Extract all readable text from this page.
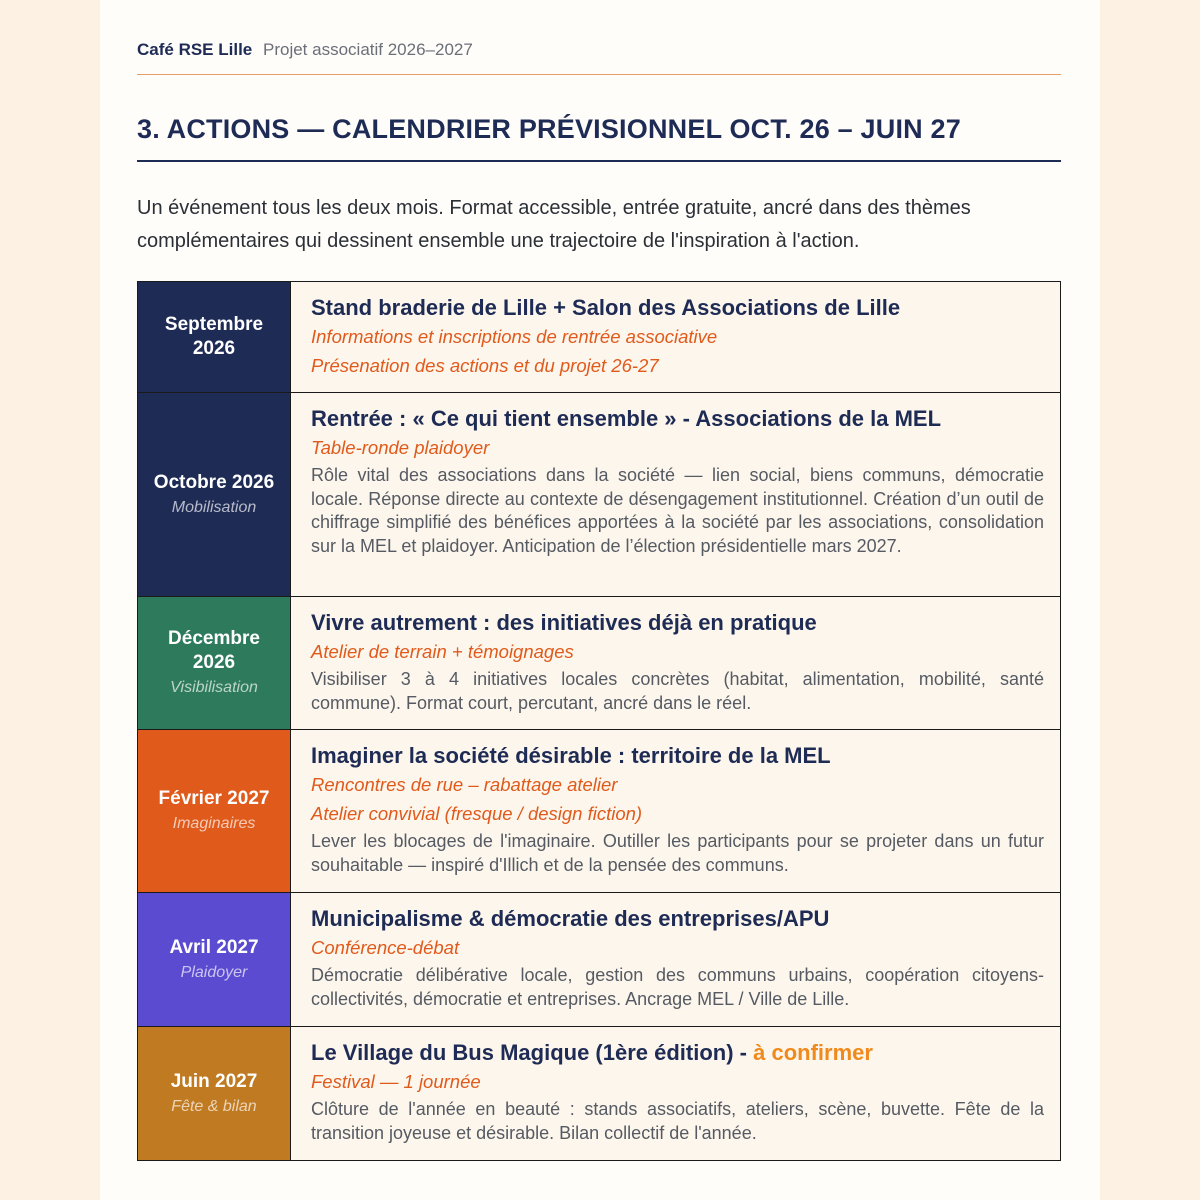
Café RSE Lille Projet associatif 2026–2027
3. ACTIONS — CALENDRIER PRÉVISIONNEL OCT. 26 – JUIN 27
Un événement tous les deux mois. Format accessible, entrée gratuite, ancré dans des thèmes complémentaires qui dessinent ensemble une trajectoire de l'inspiration à l'action.
Septembre 2026
Stand braderie de Lille + Salon des Associations de Lille
Informations et inscriptions de rentrée associative
Présenation des actions et du projet 26-27
Octobre 2026
Mobilisation
Rentrée : « Ce qui tient ensemble » - Associations de la MEL
Table-ronde plaidoyer
Rôle vital des associations dans la société — lien social, biens communs, démocratie locale. Réponse directe au contexte de désengagement institutionnel. Création d’un outil de chiffrage simplifié des bénéfices apportées à la société par les associations, consolidation sur la MEL et plaidoyer. Anticipation de l’élection présidentielle mars 2027.
Décembre 2026
Visibilisation
Vivre autrement : des initiatives déjà en pratique
Atelier de terrain + témoignages
Visibiliser 3 à 4 initiatives locales concrètes (habitat, alimentation, mobilité, santé commune). Format court, percutant, ancré dans le réel.
Février 2027
Imaginaires
Imaginer la société désirable : territoire de la MEL
Rencontres de rue – rabattage atelier
Atelier convivial (fresque / design fiction)
Lever les blocages de l'imaginaire. Outiller les participants pour se projeter dans un futur souhaitable — inspiré d'Illich et de la pensée des communs.
Avril 2027
Plaidoyer
Municipalisme & démocratie des entreprises/APU
Conférence-débat
Démocratie délibérative locale, gestion des communs urbains, coopération citoyens-collectivités, démocratie et entreprises. Ancrage MEL / Ville de Lille.
Juin 2027
Fête & bilan
Le Village du Bus Magique (1ère édition) - à confirmer
Festival — 1 journée
Clôture de l'année en beauté : stands associatifs, ateliers, scène, buvette. Fête de la transition joyeuse et désirable. Bilan collectif de l'année.
